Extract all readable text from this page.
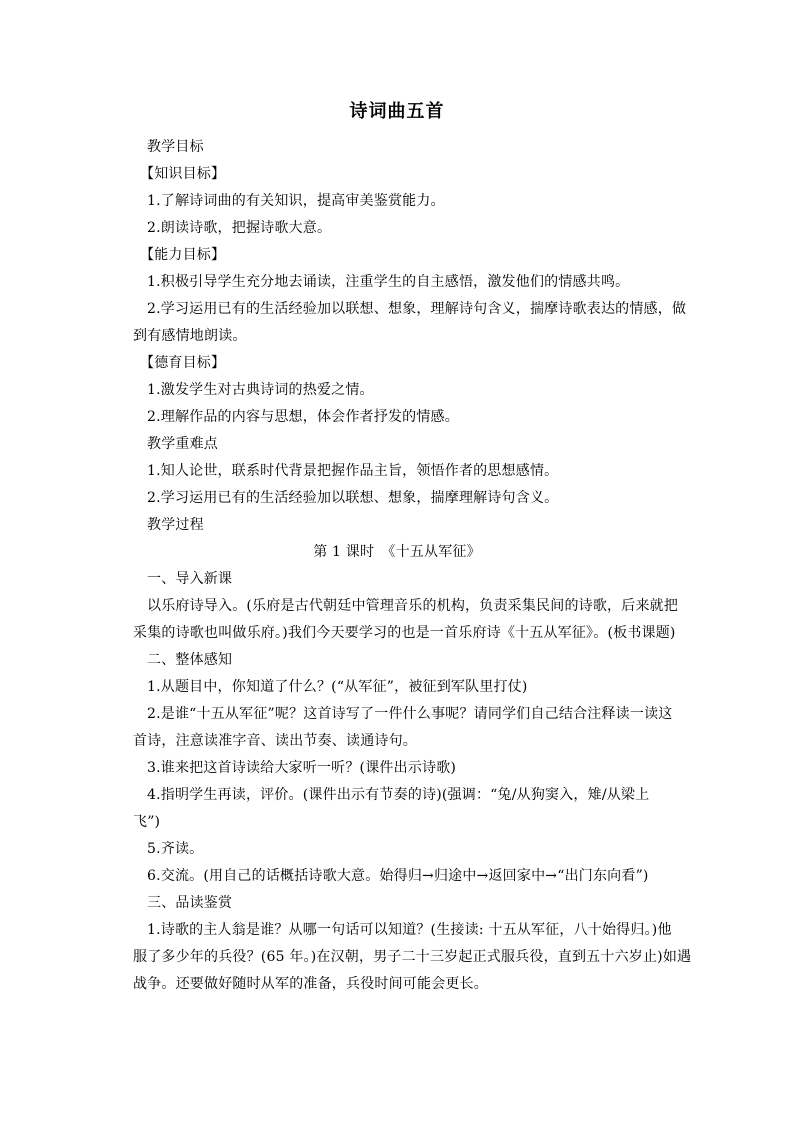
诗词曲五首
教学目标
【知识目标】
1.了解诗词曲的有关知识，提高审美鉴赏能力。
2.朗读诗歌，把握诗歌大意。
【能力目标】
1.积极引导学生充分地去诵读，注重学生的自主感悟，激发他们的情感共鸣。
2.学习运用已有的生活经验加以联想、想象，理解诗句含义，揣摩诗歌表达的情感，做
到有感情地朗读。
【德育目标】
1.激发学生对古典诗词的热爱之情。
2.理解作品的内容与思想，体会作者抒发的情感。
教学重难点
1.知人论世，联系时代背景把握作品主旨，领悟作者的思想感情。
2.学习运用已有的生活经验加以联想、想象，揣摩理解诗句含义。
教学过程
第 1 课时　《十五从军征》
一、导入新课
以乐府诗导入。(乐府是古代朝廷中管理音乐的机构，负责采集民间的诗歌，后来就把
采集的诗歌也叫做乐府。)我们今天要学习的也是一首乐府诗《十五从军征》。(板书课题)
二、整体感知
1.从题目中，你知道了什么？(“从军征”，被征到军队里打仗)
2.是谁“十五从军征”呢？这首诗写了一件什么事呢？请同学们自己结合注释读一读这
首诗，注意读准字音、读出节奏、读通诗句。
3.谁来把这首诗读给大家听一听？(课件出示诗歌)
4.指明学生再读，评价。(课件出示有节奏的诗)(强调：“兔/从狗窦入，雉/从梁上
飞”)
5.齐读。
6.交流。(用自己的话概括诗歌大意。始得归→归途中→返回家中→“出门东向看”)
三、品读鉴赏
1.诗歌的主人翁是谁？从哪一句话可以知道？(生接读: 十五从军征，八十始得归。)他
服了多少年的兵役？(65 年。)在汉朝，男子二十三岁起正式服兵役，直到五十六岁止)如遇
战争。还要做好随时从军的准备，兵役时间可能会更长。
